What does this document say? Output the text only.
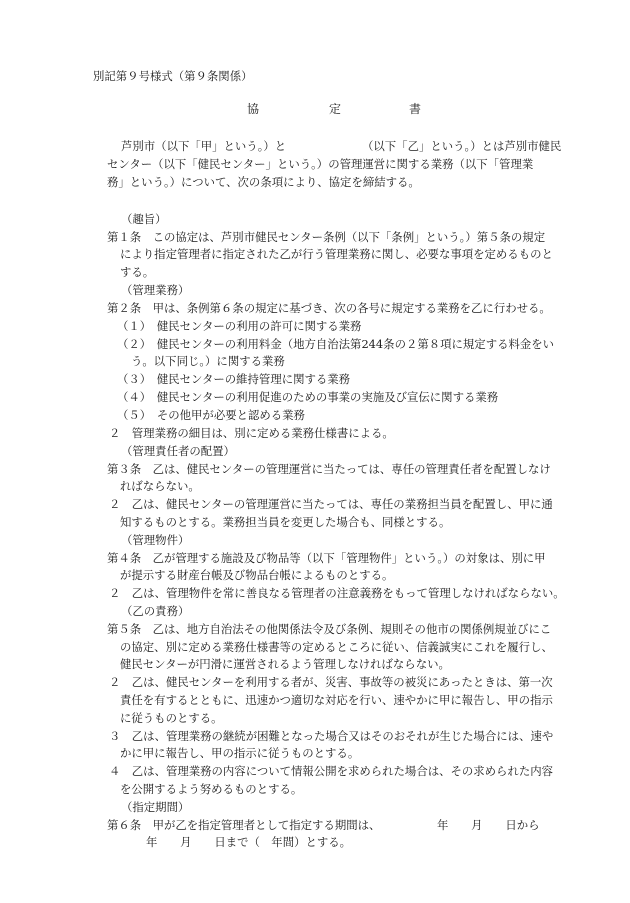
別記第９号様式（第９条関係）
協	定	書
芦別市（以下「甲」という。）と	（以下「乙」という。）とは芦別市健民
センター（以下「健民センター」という。）の管理運営に関する業務（以下「管理業
務」という。）について、次の条項により、協定を締結する。
（趣旨）
第１条　この協定は、芦別市健民センター条例（以下「条例」という。）第５条の規定
により指定管理者に指定された乙が行う管理業務に関し、必要な事項を定めるものと
する。
（管理業務）
第２条　甲は、条例第６条の規定に基づき、次の各号に規定する業務を乙に行わせる。
（１）　健民センターの利用の許可に関する業務
（２）　健民センターの利用料金（地方自治法第244条の２第８項に規定する料金をい
う。以下同じ。）に関する業務
（３）　健民センターの維持管理に関する業務
（４）　健民センターの利用促進のための事業の実施及び宣伝に関する業務
（５）　その他甲が必要と認める業務
２　管理業務の細目は、別に定める業務仕様書による。
（管理責任者の配置）
第３条　乙は、健民センターの管理運営に当たっては、専任の管理責任者を配置しなけ
ればならない。
２　乙は、健民センターの管理運営に当たっては、専任の業務担当員を配置し、甲に通
知するものとする。業務担当員を変更した場合も、同様とする。
（管理物件）
第４条　乙が管理する施設及び物品等（以下「管理物件」という。）の対象は、別に甲
が提示する財産台帳及び物品台帳によるものとする。
２　乙は、管理物件を常に善良なる管理者の注意義務をもって管理しなければならない。
（乙の責務）
第５条　乙は、地方自治法その他関係法令及び条例、規則その他市の関係例規並びにこ
の協定、別に定める業務仕様書等の定めるところに従い、信義誠実にこれを履行し、
健民センターが円滑に運営されるよう管理しなければならない。
２　乙は、健民センターを利用する者が、災害、事故等の被災にあったときは、第一次
責任を有するとともに、迅速かつ適切な対応を行い、速やかに甲に報告し、甲の指示
に従うものとする。
３　乙は、管理業務の継続が困難となった場合又はそのおそれが生じた場合には、速や
かに甲に報告し、甲の指示に従うものとする。
４　乙は、管理業務の内容について情報公開を求められた場合は、その求められた内容
を公開するよう努めるものとする。
（指定期間）
第６条　甲が乙を指定管理者として指定する期間は、	年　　月　　日から
年　　月　　日まで（　年間）とする。
